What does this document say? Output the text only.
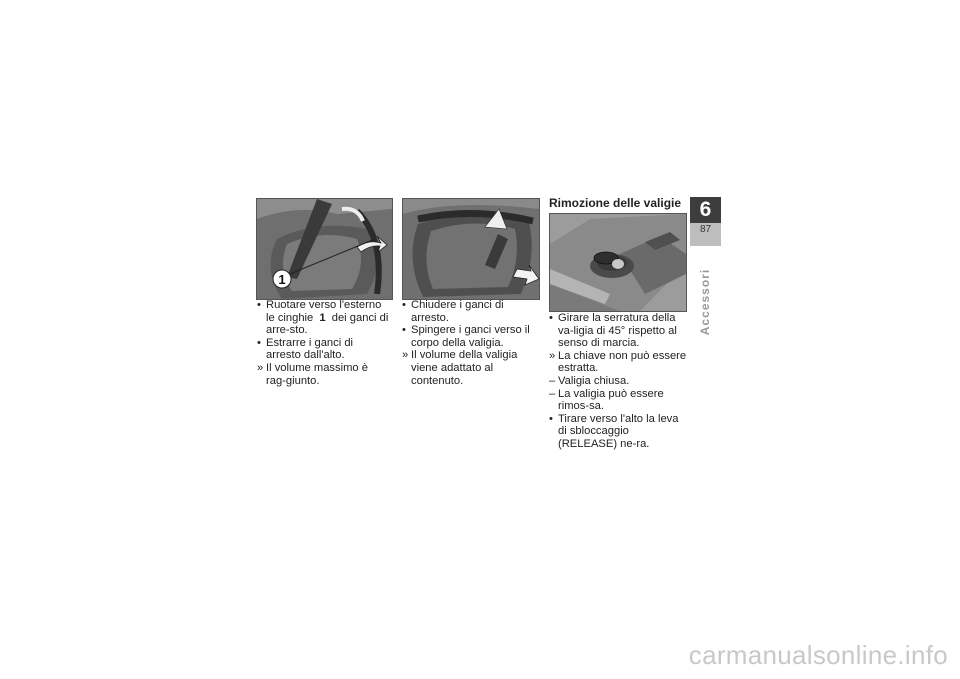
1
Rimozione delle valigie
• Ruotare verso l'esterno le cinghie 1 dei ganci di arre-sto.
• Estrarre i ganci di arresto dall'alto.
» Il volume massimo è rag-giunto.
• Chiudere i ganci di arresto.
• Spingere i ganci verso il corpo della valigia.
» Il volume della valigia viene adattato al contenuto.
• Girare la serratura della va-ligia di 45° rispetto al senso di marcia.
» La chiave non può essere estratta.
– Valigia chiusa.
– La valigia può essere rimos-sa.
• Tirare verso l'alto la leva di sbloccaggio (RELEASE) ne-ra.
6
87
Accessori
carmanualsonline.info
